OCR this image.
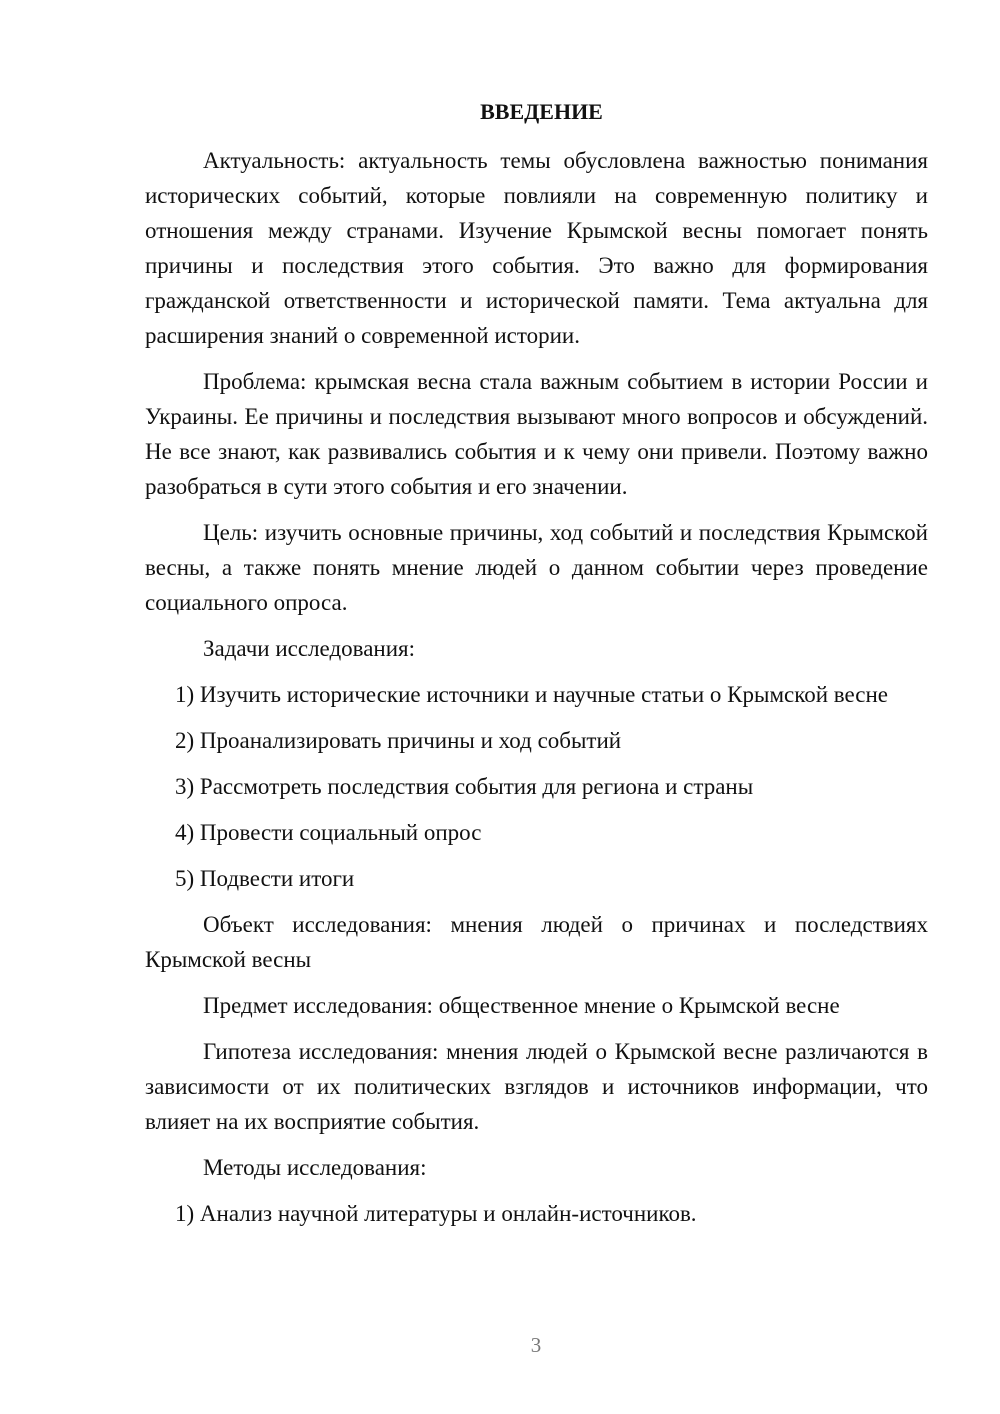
ВВЕДЕНИЕ

Актуальность: актуальность темы обусловлена важностью понимания исторических событий, которые повлияли на современную политику и отношения между странами. Изучение Крымской весны помогает понять причины и последствия этого события. Это важно для формирования гражданской ответственности и исторической памяти. Тема актуальна для расширения знаний о современной истории.

Проблема: крымская весна стала важным событием в истории России и Украины. Ее причины и последствия вызывают много вопросов и обсуждений. Не все знают, как развивались события и к чему они привели. Поэтому важно разобраться в сути этого события и его значении.

Цель: изучить основные причины, ход событий и последствия Крымской весны, а также понять мнение людей о данном событии через проведение социального опроса.

Задачи исследования:

1) Изучить исторические источники и научные статьи о Крымской весне

2) Проанализировать причины и ход событий

3) Рассмотреть последствия события для региона и страны

4) Провести социальный опрос

5) Подвести итоги

Объект исследования: мнения людей о причинах и последствиях Крымской весны

Предмет исследования: общественное мнение о Крымской весне

Гипотеза исследования: мнения людей о Крымской весне различаются в зависимости от их политических взглядов и источников информации, что влияет на их восприятие события.

Методы исследования:

1) Анализ научной литературы и онлайн-источников.

3
